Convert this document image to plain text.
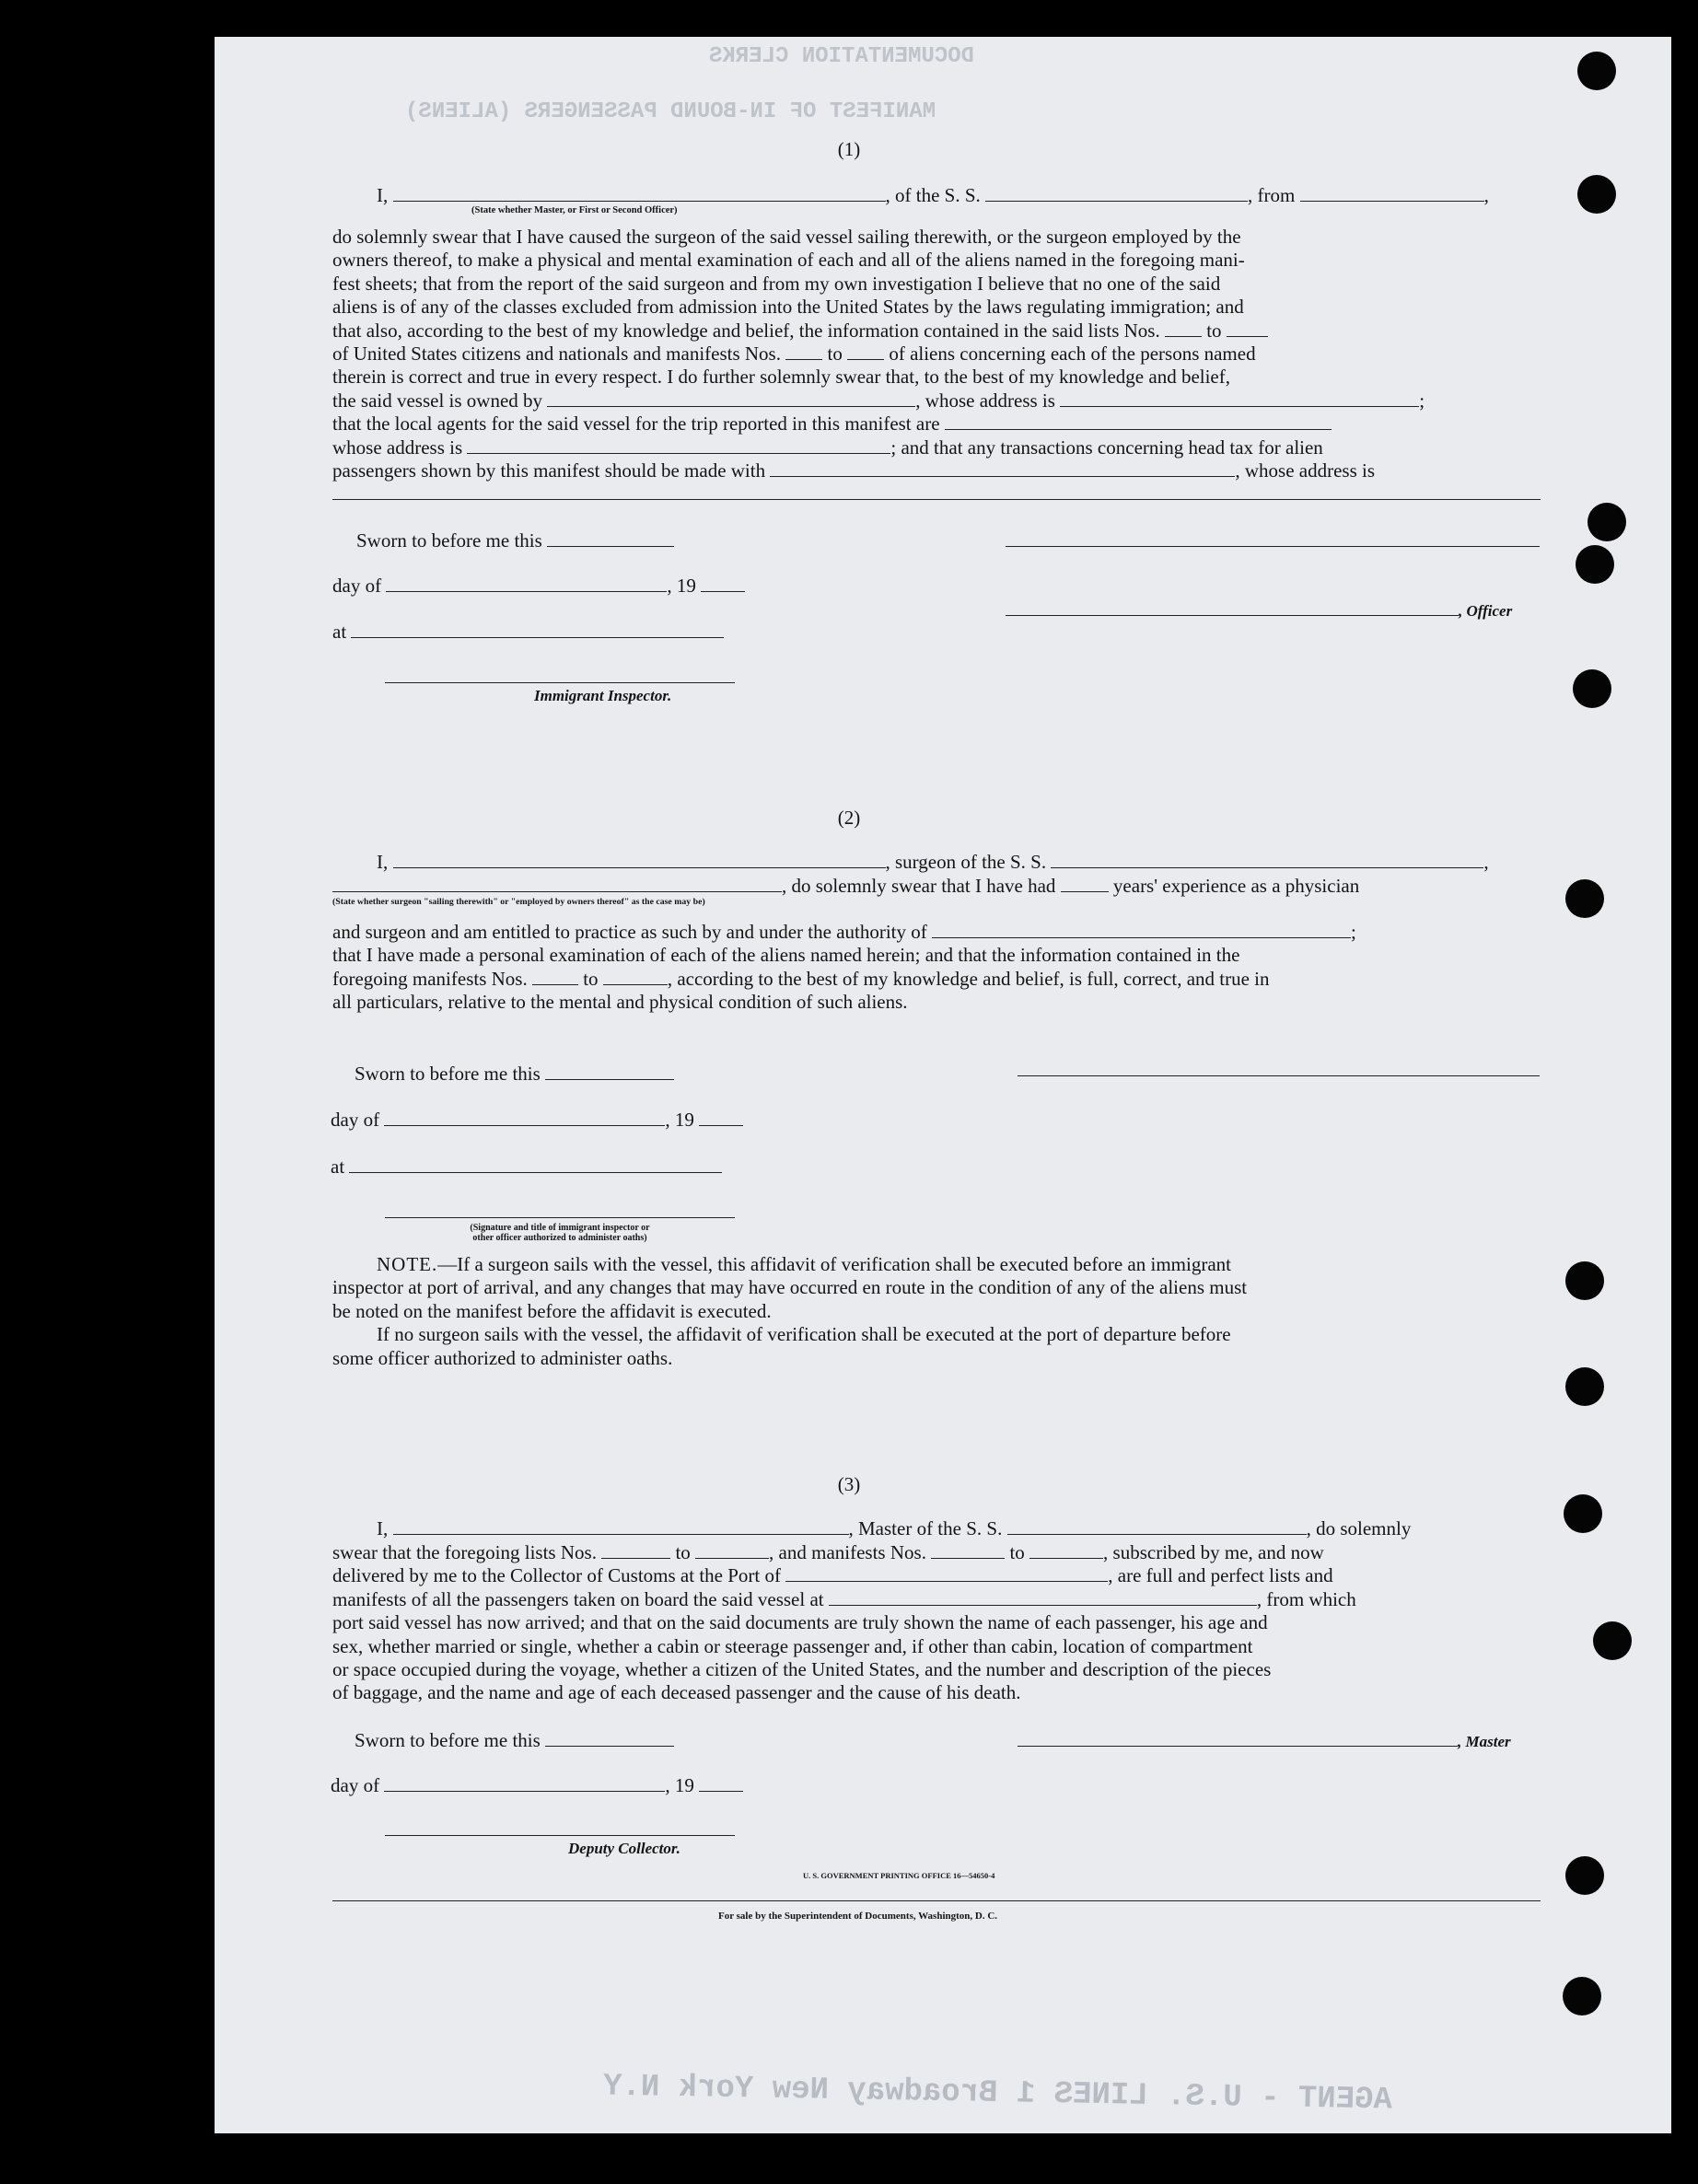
DOCUMENTATION CLERKS
MANIFEST OF IN-BOUND PASSENGERS (ALIENS)
(1)

I,	, of the S. S.	, from	,

(State whether Master, or First or Second Officer)
do solemnly swear that I have caused the surgeon of the said vessel sailing therewith, or the surgeon employed by the
owners thereof, to make a physical and mental examination of each and all of the aliens named in the foregoing mani-
fest sheets; that from the report of the said surgeon and from my own investigation I believe that no one of the said
aliens is of any of the classes excluded from admission into the United States by the laws regulating immigration; and
that also, according to the best of my knowledge and belief, the information contained in the said lists Nos. to
of United States citizens and nationals and manifests Nos. to of aliens concerning each of the persons named
therein is correct and true in every respect. I do further solemnly swear that, to the best of my knowledge and belief,
the said vessel is owned by	, whose address is	;
that the local agents for the said vessel for the trip reported in this manifest are
whose address is	; and that any transactions concerning head tax for alien
passengers shown by this manifest should be made with	, whose address is
Sworn to before me this
day of	, 19
at
, Officer
Immigrant Inspector.
(2)

I,	, surgeon of the S. S.	,

, do solemnly swear that I have had	years' experience as a physician

(State whether surgeon "sailing therewith" or "employed by owners thereof" as the case may be)
and surgeon and am entitled to practice as such by and under the authority of	;
that I have made a personal examination of each of the aliens named herein; and that the information contained in the
foregoing manifests Nos.	to	, according to the best of my knowledge and belief, is full, correct, and true in
all particulars, relative to the mental and physical condition of such aliens.
Sworn to before me this
day of	, 19
at
(Signature and title of immigrant inspector or
other officer authorized to administer oaths)
NOTE.—If a surgeon sails with the vessel, this affidavit of verification shall be executed before an immigrant
inspector at port of arrival, and any changes that may have occurred en route in the condition of any of the aliens must
be noted on the manifest before the affidavit is executed.
If no surgeon sails with the vessel, the affidavit of verification shall be executed at the port of departure before
some officer authorized to administer oaths.
(3)

I,	, Master of the S. S.	, do solemnly

swear that the foregoing lists Nos.	to	, and manifests Nos.	to	, subscribed by me, and now
delivered by me to the Collector of Customs at the Port of	, are full and perfect lists and
manifests of all the passengers taken on board the said vessel at	, from which
port said vessel has now arrived; and that on the said documents are truly shown the name of each passenger, his age and
sex, whether married or single, whether a cabin or steerage passenger and, if other than cabin, location of compartment
or space occupied during the voyage, whether a citizen of the United States, and the number and description of the pieces
of baggage, and the name and age of each deceased passenger and the cause of his death.
Sworn to before me this	, Master
day of	, 19
Deputy Collector.
U. S. GOVERNMENT PRINTING OFFICE 16—54650-4
For sale by the Superintendent of Documents, Washington, D. C.
AGENT - U.S. LINES 1 Broadway New York N.Y
